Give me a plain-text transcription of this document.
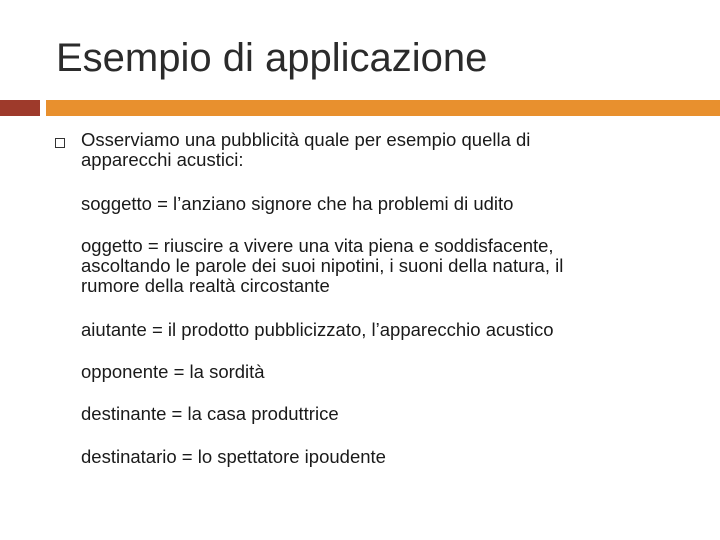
Esempio di applicazione
Osserviamo una pubblicità quale per esempio quella di
apparecchi acustici:
soggetto = l’anziano signore che ha problemi di udito
oggetto = riuscire a vivere una vita piena e soddisfacente,
ascoltando le parole dei suoi nipotini, i suoni della natura, il
rumore della realtà circostante
aiutante = il prodotto pubblicizzato, l’apparecchio acustico
opponente = la sordità
destinante = la casa produttrice
destinatario = lo spettatore ipoudente
